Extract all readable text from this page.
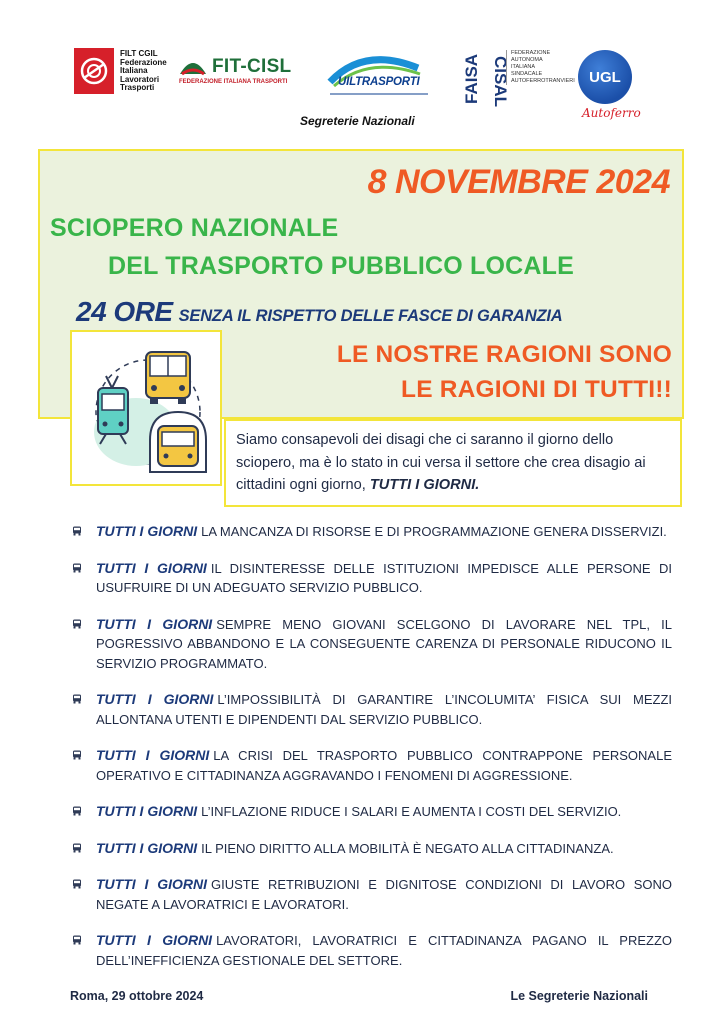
FILT CGIL
Federazione
Italiana
Lavoratori
Trasporti
FIT-CISL
FEDERAZIONE ITALIANA TRASPORTI	UILTRASPORTI FAISA CISAL
FEDERAZIONE
AUTONOMA
ITALIANA
SINDACALE
AUTOFERROTRANVIERI UGL
Autoferro
Segreterie Nazionali
8 NOVEMBRE 2024
SCIOPERO NAZIONALE
DEL TRASPORTO PUBBLICO LOCALE
24 ORE SENZA IL RISPETTO DELLE FASCE DI GARANZIA
LE NOSTRE RAGIONI SONO
LE RAGIONI DI TUTTI!!
Siamo consapevoli dei disagi che ci saranno il giorno dello sciopero, ma è lo stato in cui versa il settore che crea disagio ai cittadini ogni giorno, TUTTI I GIORNI.
TUTTI I GIORNI LA MANCANZA DI RISORSE E DI PROGRAMMAZIONE GENERA DISSERVIZI.
TUTTI I GIORNI IL DISINTERESSE DELLE ISTITUZIONI IMPEDISCE ALLE PERSONE DI USUFRUIRE DI UN ADEGUATO SERVIZIO PUBBLICO.
TUTTI I GIORNI SEMPRE MENO GIOVANI SCELGONO DI LAVORARE NEL TPL, IL POGRESSIVO ABBANDONO E LA CONSEGUENTE CARENZA DI PERSONALE RIDUCONO IL SERVIZIO PROGRAMMATO.
TUTTI I GIORNI L’IMPOSSIBILITÀ DI GARANTIRE L’INCOLUMITA’ FISICA SUI MEZZI ALLONTANA UTENTI E DIPENDENTI DAL SERVIZIO PUBBLICO.
TUTTI I GIORNI LA CRISI DEL TRASPORTO PUBBLICO CONTRAPPONE PERSONALE OPERATIVO E CITTADINANZA AGGRAVANDO I FENOMENI DI AGGRESSIONE.
TUTTI I GIORNI L’INFLAZIONE RIDUCE I SALARI E AUMENTA I COSTI DEL SERVIZIO.
TUTTI I GIORNI IL PIENO DIRITTO ALLA MOBILITÀ È NEGATO ALLA CITTADINANZA.
TUTTI I GIORNI GIUSTE RETRIBUZIONI E DIGNITOSE CONDIZIONI DI LAVORO SONO NEGATE A LAVORATRICI E LAVORATORI.
TUTTI I GIORNI LAVORATORI, LAVORATRICI E CITTADINANZA PAGANO IL PREZZO DELL’INEFFICIENZA GESTIONALE DEL SETTORE.
Roma, 29 ottobre 2024	Le Segreterie Nazionali
